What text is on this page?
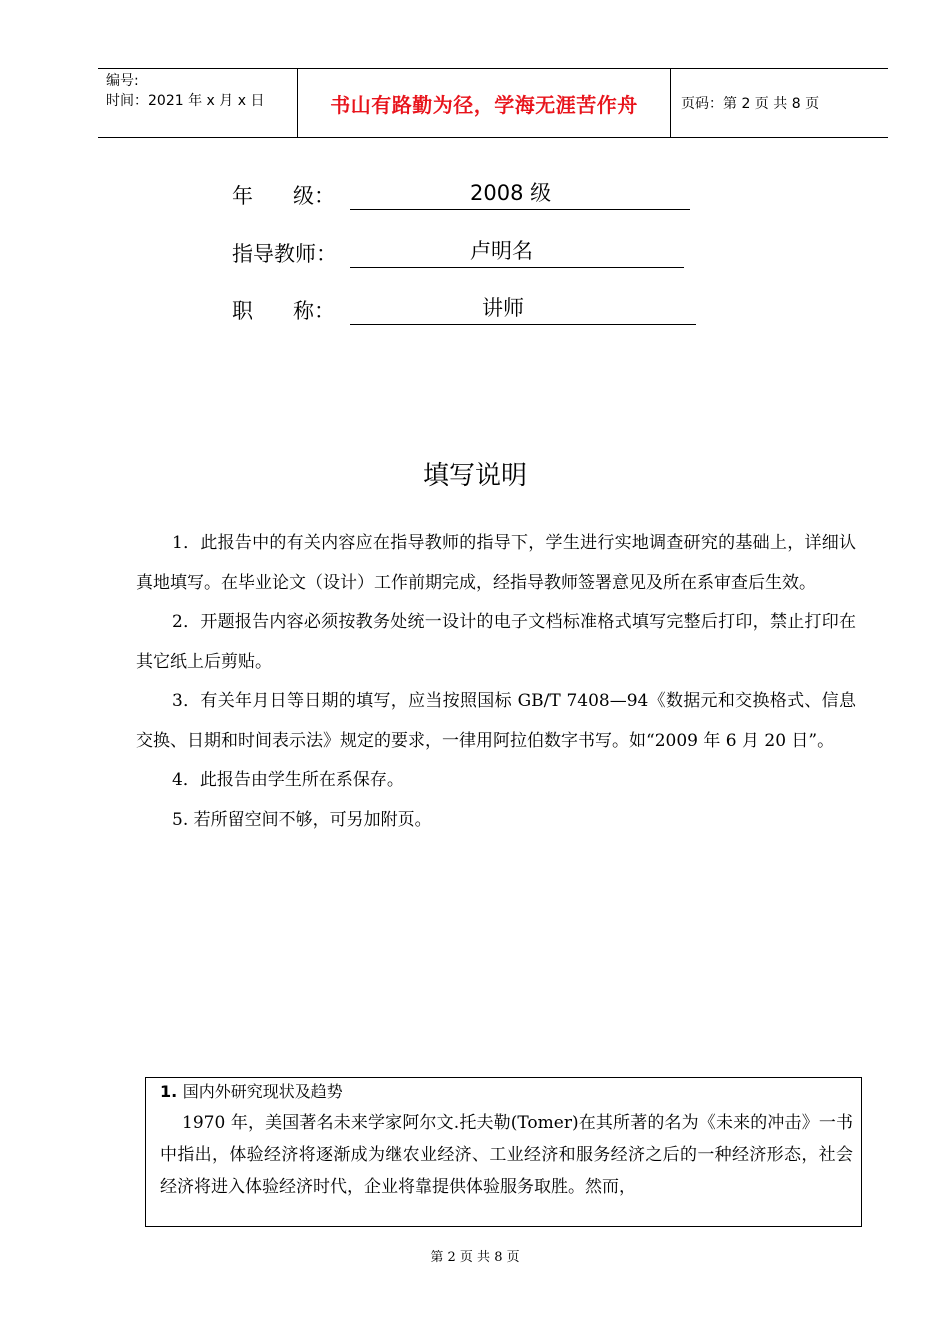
编号:
时间：2021 年 x 月 x 日	书山有路勤为径，学海无涯苦作舟	页码：第 2 页 共 8 页
年      级：	2008 级
指导教师：	卢明名
职      称：	讲师
填写说明

1．此报告中的有关内容应在指导教师的指导下，学生进行实地调查研究的基础上，详细认真地填写。在毕业论文（设计）工作前期完成，经指导教师签署意见及所在系审查后生效。

2．开题报告内容必须按教务处统一设计的电子文档标准格式填写完整后打印，禁止打印在其它纸上后剪贴。

3．有关年月日等日期的填写，应当按照国标 GB/T 7408—94《数据元和交换格式、信息交换、日期和时间表示法》规定的要求，一律用阿拉伯数字书写。如“2009 年 6 月 20 日”。

4．此报告由学生所在系保存。

5. 若所留空间不够，可另加附页。

1. 国内外研究现状及趋势
1970 年，美国著名未来学家阿尔文.托夫勒(Tomer)在其所著的名为《未来的冲击》一书中指出，体验经济将逐渐成为继农业经济、工业经济和服务经济之后的一种经济形态，社会经济将进入体验经济时代，企业将靠提供体验服务取胜。然而，
第 2 页 共 8 页
